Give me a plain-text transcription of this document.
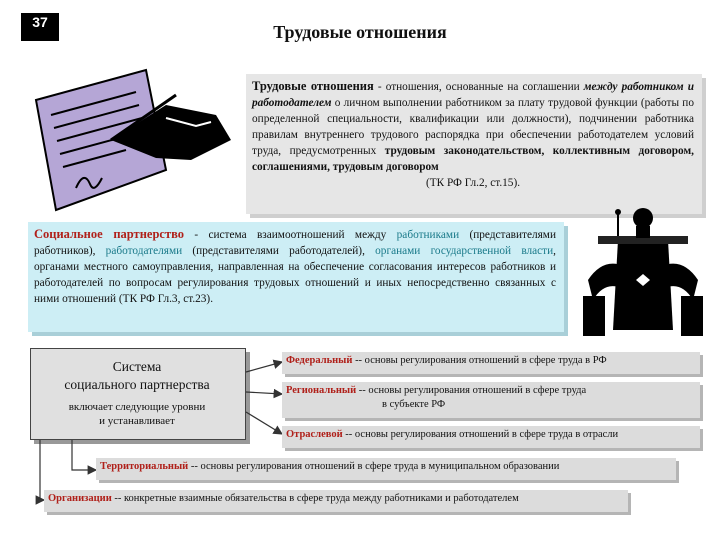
37	Трудовые отношения
Трудовые отношения - отношения, основанные на соглашении между работником и работодателем о личном выполнении работником за плату трудовой функции (работы по определенной специальности, квалификации или должности), подчинении работника правилам внутреннего трудового распорядка при обеспечении работодателем условий труда, предусмотренных трудовым законодательством, коллективным договором, соглашениями, трудовым договором
(ТК РФ Гл.2, ст.15).
Социальное партнерство - система взаимоотношений между работниками (представителями работников), работодателями (представителями работодателей), органами государственной власти, органами местного самоуправления, направленная на обеспечение согласования интересов работников и работодателей по вопросам регулирования трудовых отношений и иных непосредственно связанных с ними отношений (ТК РФ Гл.3, ст.23).
Система
социального партнерства
включает следующие уровни
и устанавливает
Федеральный -- основы регулирования отношений в сфере труда в РФ
Региональный -- основы регулирования отношений в сфере труда
в субъекте РФ
Отраслевой -- основы регулирования отношений в сфере труда в отрасли
Территориальный -- основы регулирования отношений в сфере труда в муниципальном образовании
Организации -- конкретные взаимные обязательства в сфере труда между работниками и работодателем
